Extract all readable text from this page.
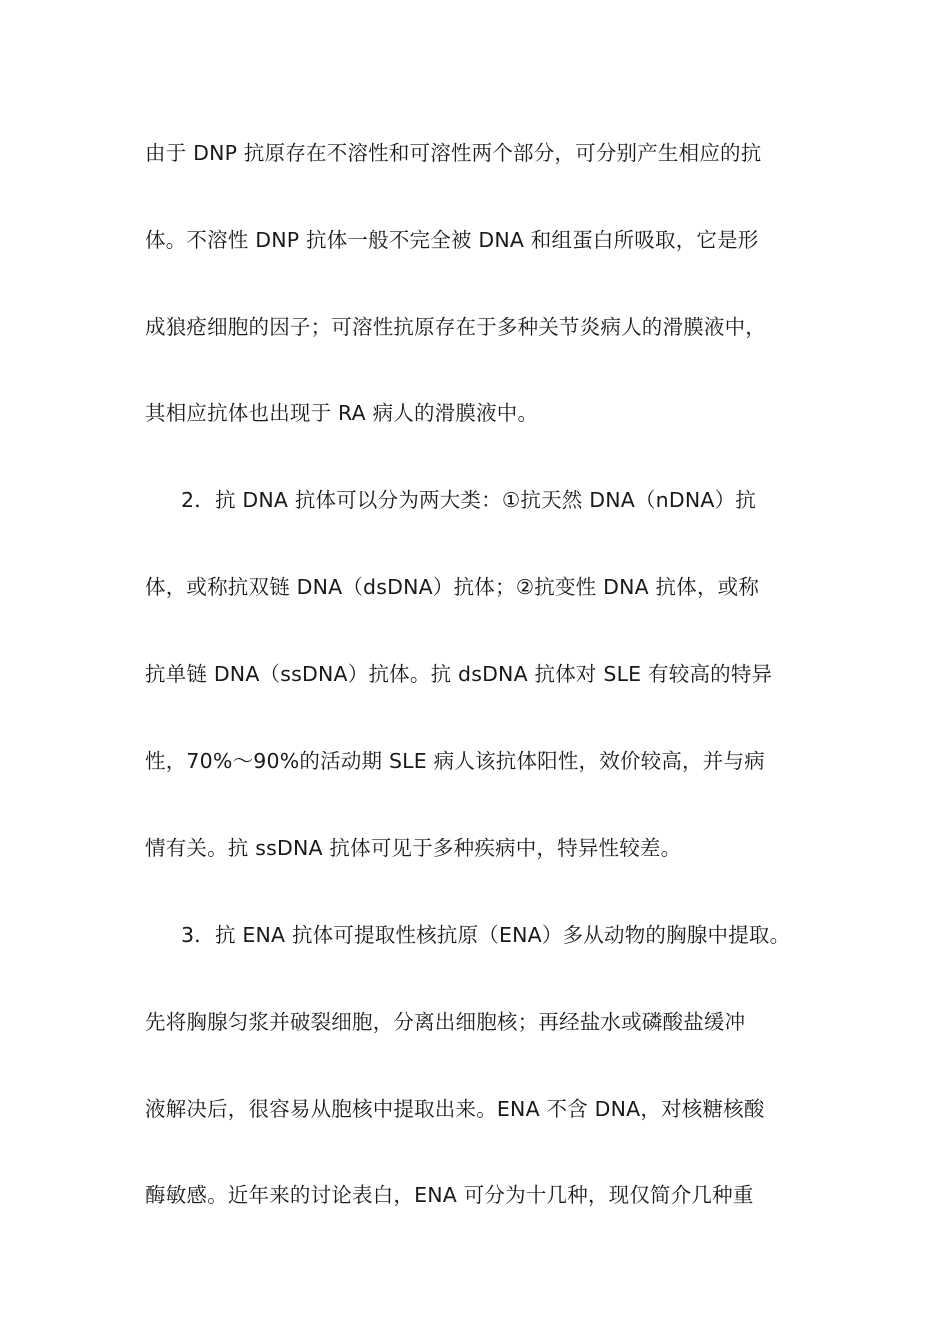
由于 DNP 抗原存在不溶性和可溶性两个部分，可分别产生相应的抗
体。不溶性 DNP 抗体一般不完全被 DNA 和组蛋白所吸取，它是形
成狼疮细胞的因子；可溶性抗原存在于多种关节炎病人的滑膜液中，
其相应抗体也出现于 RA 病人的滑膜液中。
2．抗 DNA 抗体可以分为两大类：①抗天然 DNA（nDNA）抗
体，或称抗双链 DNA（dsDNA）抗体；②抗变性 DNA 抗体，或称
抗单链 DNA（ssDNA）抗体。抗 dsDNA 抗体对 SLE 有较高的特异
性，70%～90%的活动期 SLE 病人该抗体阳性，效价较高，并与病
情有关。抗 ssDNA 抗体可见于多种疾病中，特异性较差。
3．抗 ENA 抗体可提取性核抗原（ENA）多从动物的胸腺中提取。
先将胸腺匀浆并破裂细胞，分离出细胞核；再经盐水或磷酸盐缓冲
液解决后，很容易从胞核中提取出来。ENA 不含 DNA，对核糖核酸
酶敏感。近年来的讨论表白，ENA 可分为十几种，现仅简介几种重
